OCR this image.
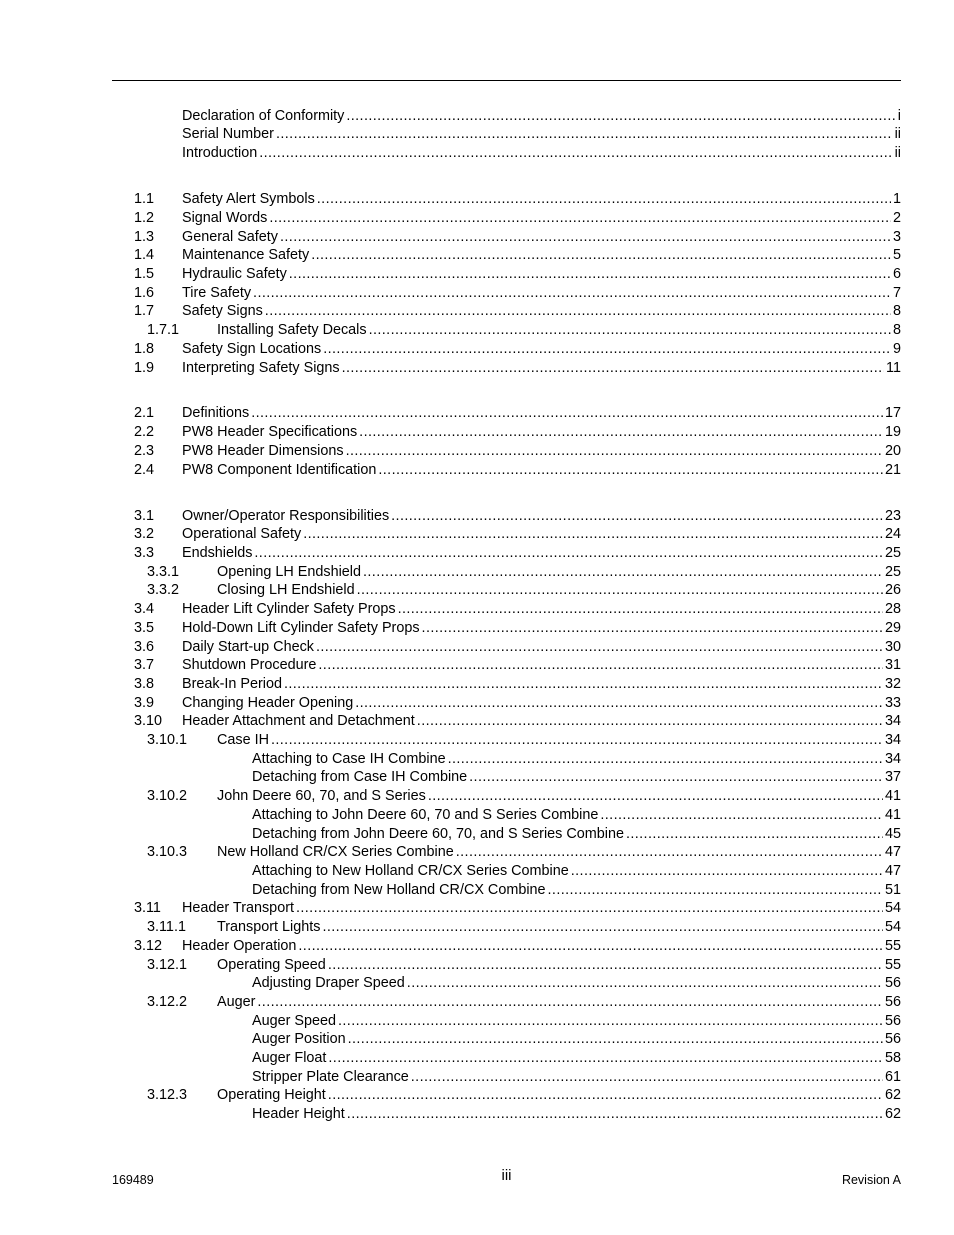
Declaration of Conformity .....	i
Serial Number .....	ii
Introduction .....	ii
1.1 Safety Alert Symbols .....	1
1.2 Signal Words .....	2
1.3 General Safety .....	3
1.4 Maintenance Safety .....	5
1.5 Hydraulic Safety .....	6
1.6 Tire Safety .....	7
1.7 Safety Signs .....	8
1.7.1	Installing Safety Decals .....	8
1.8 Safety Sign Locations .....	9
1.9 Interpreting Safety Signs .....	11
2.1 Definitions .....	17
2.2 PW8 Header Specifications .....	19
2.3 PW8 Header Dimensions .....	20
2.4 PW8 Component Identification .....	21
3.1 Owner/Operator Responsibilities .....	23
3.2 Operational Safety .....	24
3.3 Endshields .....	25
3.3.1	Opening LH Endshield .....	25
3.3.2	Closing LH Endshield .....	26
3.4 Header Lift Cylinder Safety Props .....	28
3.5 Hold-Down Lift Cylinder Safety Props .....	29
3.6 Daily Start-up Check .....	30
3.7 Shutdown Procedure .....	31
3.8 Break-In Period .....	32
3.9 Changing Header Opening .....	33
3.10 Header Attachment and Detachment .....	34
3.10.1 Case IH .....	34
Attaching to Case IH Combine .....	34
Detaching from Case IH Combine .....	37
3.10.2 John Deere 60, 70, and S Series .....	41
Attaching to John Deere 60, 70 and S Series Combine .....	41
Detaching from John Deere 60, 70, and S Series Combine .....	45
3.10.3 New Holland CR/CX Series Combine .....	47
Attaching to New Holland CR/CX Series Combine .....	47
Detaching from New Holland CR/CX Combine .....	51
3.11 Header Transport .....	54
3.11.1 Transport Lights .....	54
3.12 Header Operation .....	55
3.12.1 Operating Speed .....	55
Adjusting Draper Speed .....	56
3.12.2 Auger .....	56
Auger Speed .....	56
Auger Position .....	56
Auger Float .....	58
Stripper Plate Clearance .....	61
3.12.3 Operating Height .....	62
Header Height .....	62
169489	iii	Revision A
